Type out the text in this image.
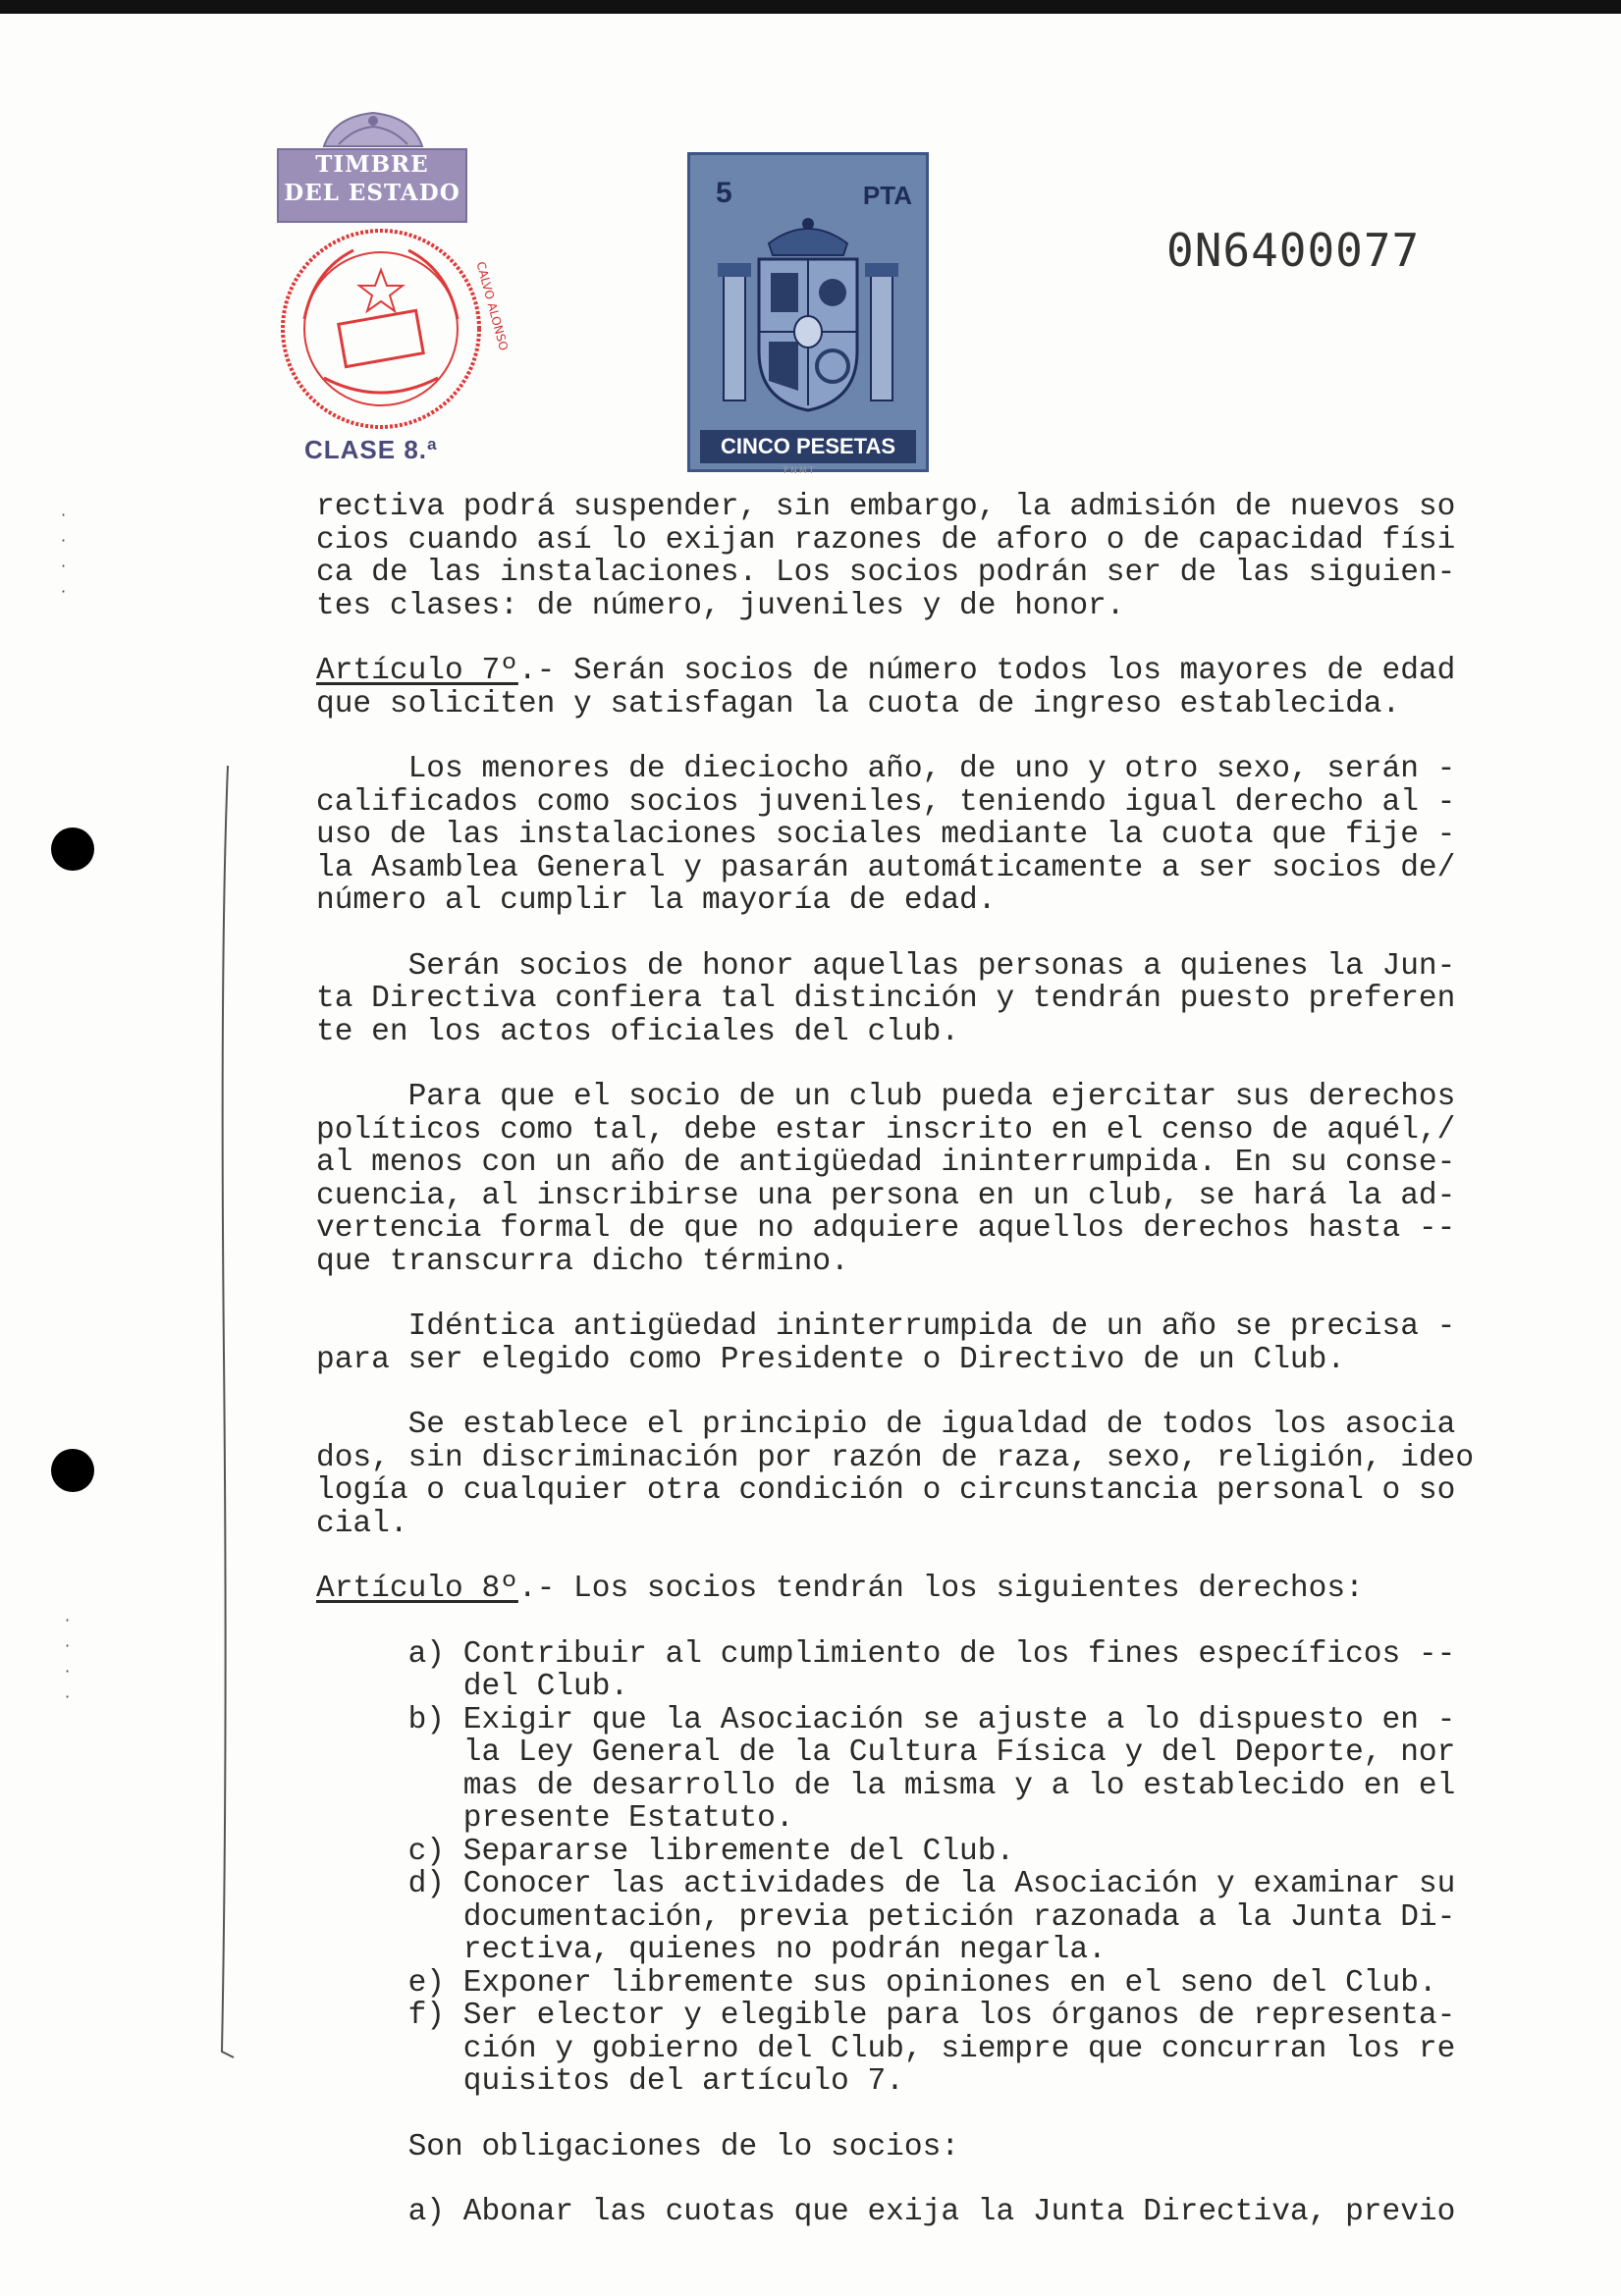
TIMBRE
DEL ESTADO
CALVO ALONSO
CLASE 8.ª
5	PTA
CINCO PESETAS
FNMT
0N6400077
·
·
·
·
·
·
·
·

rectiva podrá suspender, sin embargo, la admisión de nuevos so

cios cuando así lo exijan razones de aforo o de capacidad físi

ca de las instalaciones. Los socios podrán ser de las siguien-

tes clases: de número, juveniles y de honor.

Artículo 7º.- Serán socios de número todos los mayores de edad

que soliciten y satisfagan la cuota de ingreso establecida.

Los menores de dieciocho año, de uno y otro sexo, serán -

calificados como socios juveniles, teniendo igual derecho al -

uso de las instalaciones sociales mediante la cuota que fije -

la Asamblea General y pasarán automáticamente a ser socios de/

número al cumplir la mayoría de edad.

Serán socios de honor aquellas personas a quienes la Jun-

ta Directiva confiera tal distinción y tendrán puesto preferen

te en los actos oficiales del club.

Para que el socio de un club pueda ejercitar sus derechos

políticos como tal, debe estar inscrito en el censo de aquél,/

al menos con un año de antigüedad ininterrumpida. En su conse-

cuencia, al inscribirse una persona en un club, se hará la ad-

vertencia formal de que no adquiere aquellos derechos hasta --

que transcurra dicho término.

Idéntica antigüedad ininterrumpida de un año se precisa -

para ser elegido como Presidente o Directivo de un Club.

Se establece el principio de igualdad de todos los asocia

dos, sin discriminación por razón de raza, sexo, religión, ideo

logía o cualquier otra condición o circunstancia personal o so

cial.

Artículo 8º.- Los socios tendrán los siguientes derechos:

a) Contribuir al cumplimiento de los fines específicos --

del Club.

b) Exigir que la Asociación se ajuste a lo dispuesto en -

la Ley General de la Cultura Física y del Deporte, nor

mas de desarrollo de la misma y a lo establecido en el

presente Estatuto.

c) Separarse libremente del Club.

d) Conocer las actividades de la Asociación y examinar su

documentación, previa petición razonada a la Junta Di-

rectiva, quienes no podrán negarla.

e) Exponer libremente sus opiniones en el seno del Club.

f) Ser elector y elegible para los órganos de representa-

ción y gobierno del Club, siempre que concurran los re

quisitos del artículo 7.

Son obligaciones de lo socios:

a) Abonar las cuotas que exija la Junta Directiva, previo
